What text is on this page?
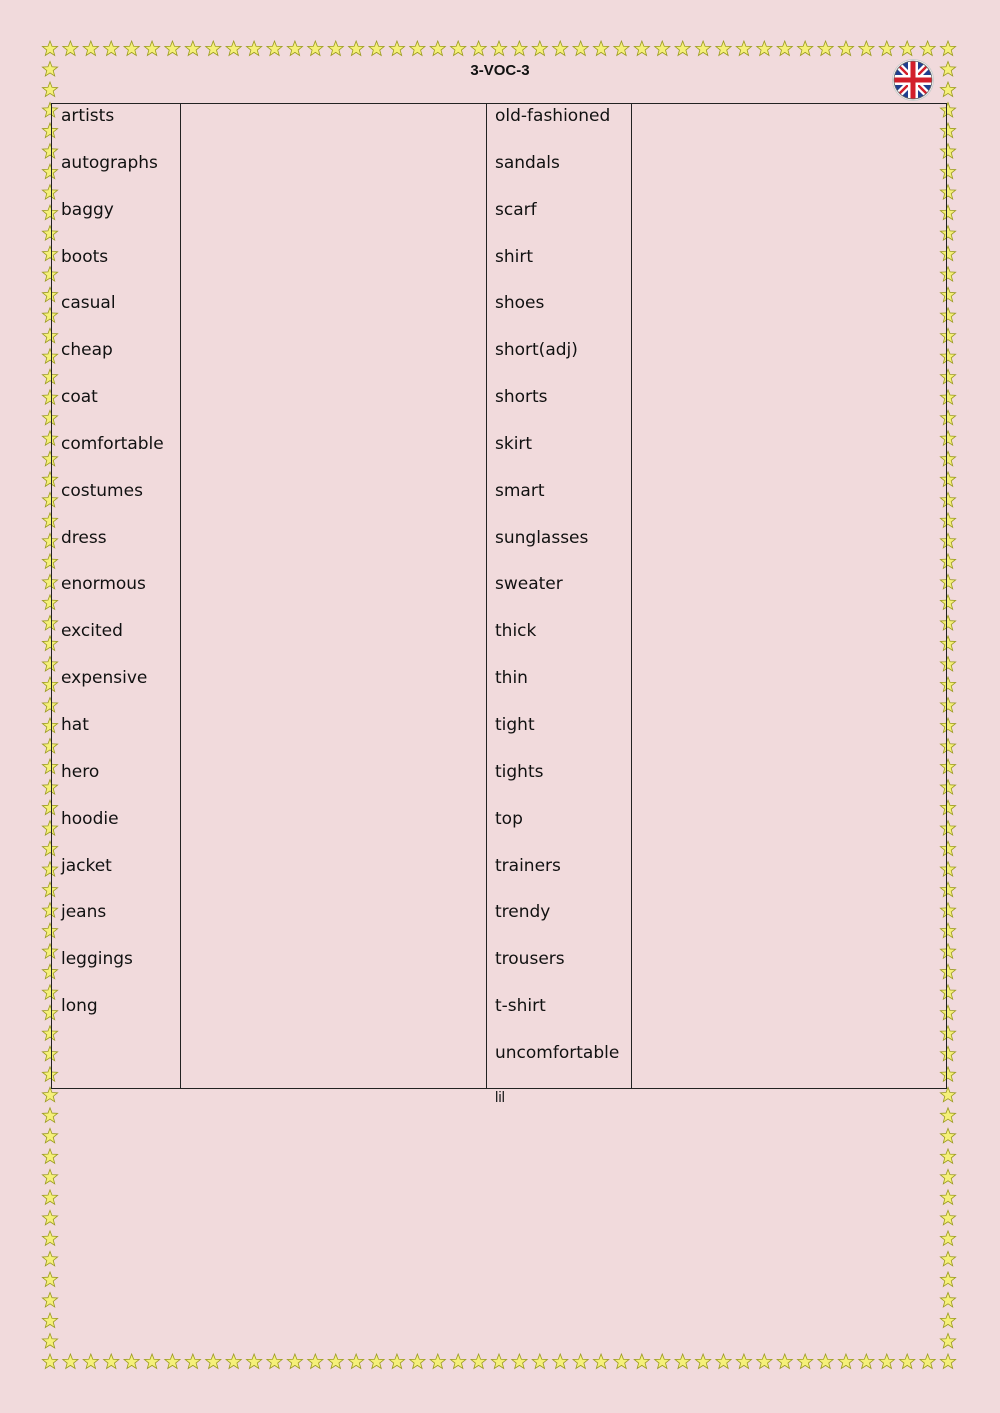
3-VOC-3
artists
autographs
baggy
boots
casual
cheap
coat
comfortable
costumes
dress
enormous
excited
expensive
hat
hero
hoodie
jacket
jeans
leggings
long

old-fashioned
sandals
scarf
shirt
shoes
short(adj)
shorts
skirt
smart
sunglasses
sweater
thick
thin
tight
tights
top
trainers
trendy
trousers
t-shirt
uncomfortable

lil
